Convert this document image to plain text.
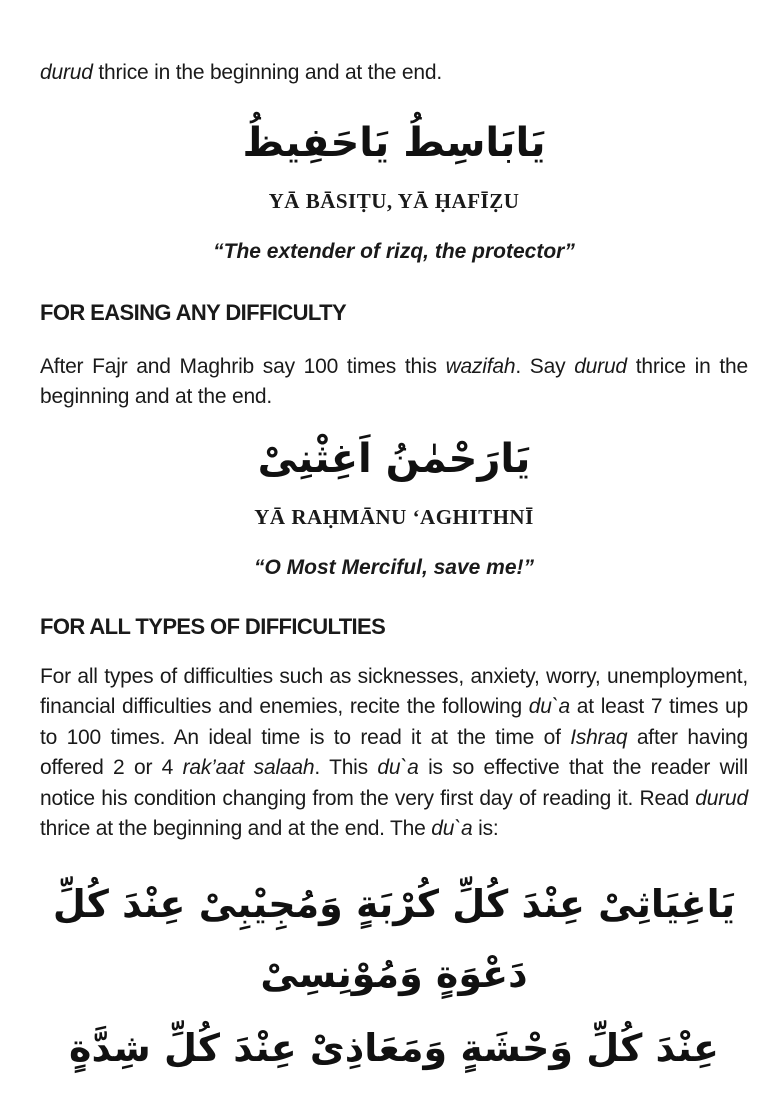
durud thrice in the beginning and at the end.

يَابَاسِطُ يَاحَفِيظُ

YĀ BĀSIṬU, YĀ ḤAFĪẒU

“The extender of rizq, the protector”

FOR EASING ANY DIFFICULTY

After Fajr and Maghrib say 100 times this wazifah. Say durud thrice in the beginning and at the end.

يَارَحْمٰنُ اَغِثْنِىْ

YĀ RAḤMĀNU ‘AGHITHNĪ

“O Most Merciful, save me!”

FOR ALL TYPES OF DIFFICULTIES

For all types of difficulties such as sicknesses, anxiety, worry, unemployment, financial difficulties and enemies, recite the following du`a at least 7 times up to 100 times. An ideal time is to read it at the time of Ishraq after having offered 2 or 4 rak’aat salaah. This du`a is so effective that the reader will notice his condition changing from the very first day of reading it. Read durud thrice at the beginning and at the end. The du`a is:

يَاغِيَاثِىْ عِنْدَ كُلِّ كُرْبَةٍ وَمُجِيْبِىْ عِنْدَ كُلِّ دَعْوَةٍ وَمُوْنِسِىْ
عِنْدَ كُلِّ وَحْشَةٍ وَمَعَاذِىْ عِنْدَ كُلِّ شِدَّةٍ
